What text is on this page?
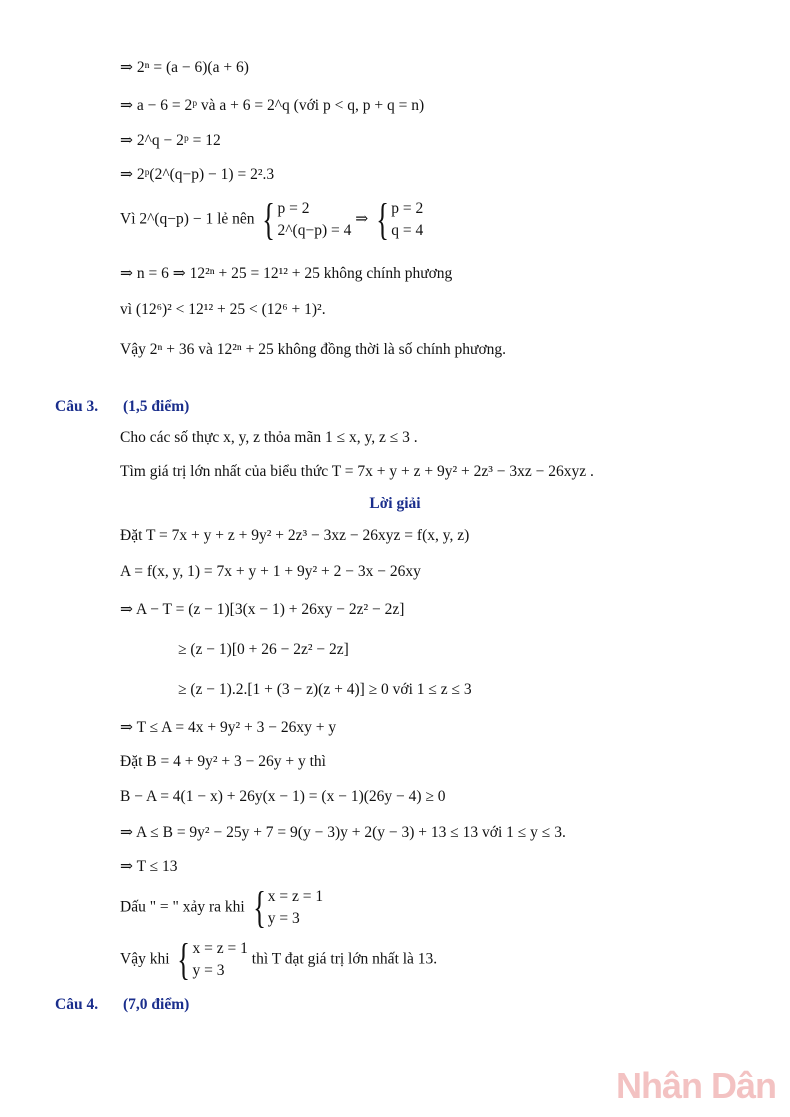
⇒ 2ⁿ = (a − 6)(a + 6)
⇒ a − 6 = 2ᵖ và a + 6 = 2^q (với p < q, p + q = n)
⇒ 2^q − 2ᵖ = 12
⇒ 2ᵖ(2^(q−p) − 1) = 2².3
Vì 2^(q−p) − 1 lẻ nên { p = 2
2^(q−p) = 4
⇒ { p = 2
q = 4
⇒ n = 6 ⇒ 12²ⁿ + 25 = 12¹² + 25 không chính phương
vì (12⁶)² < 12¹² + 25 < (12⁶ + 1)².
Vậy 2ⁿ + 36 và 12²ⁿ + 25 không đồng thời là số chính phương.
Câu 3. (1,5 điểm)
Cho các số thực x, y, z thỏa mãn 1 ≤ x, y, z ≤ 3 .
Tìm giá trị lớn nhất của biểu thức T = 7x + y + z + 9y² + 2z³ − 3xz − 26xyz .
Lời giải
Đặt T = 7x + y + z + 9y² + 2z³ − 3xz − 26xyz = f(x, y, z)
A = f(x, y, 1) = 7x + y + 1 + 9y² + 2 − 3x − 26xy
⇒ A − T = (z − 1)[3(x − 1) + 26xy − 2z² − 2z]
≥ (z − 1)[0 + 26 − 2z² − 2z]
≥ (z − 1).2.[1 + (3 − z)(z + 4)] ≥ 0 với 1 ≤ z ≤ 3
⇒ T ≤ A = 4x + 9y² + 3 − 26xy + y
Đặt B = 4 + 9y² + 3 − 26y + y thì
B − A = 4(1 − x) + 26y(x − 1) = (x − 1)(26y − 4) ≥ 0
⇒ A ≤ B = 9y² − 25y + 7 = 9(y − 3)y + 2(y − 3) + 13 ≤ 13 với 1 ≤ y ≤ 3.
⇒ T ≤ 13
Dấu " = " xảy ra khi { x = z = 1
y = 3
Vậy khi { x = z = 1
y = 3
thì T đạt giá trị lớn nhất là 13.
Câu 4. (7,0 điểm)
Nhân Dân
